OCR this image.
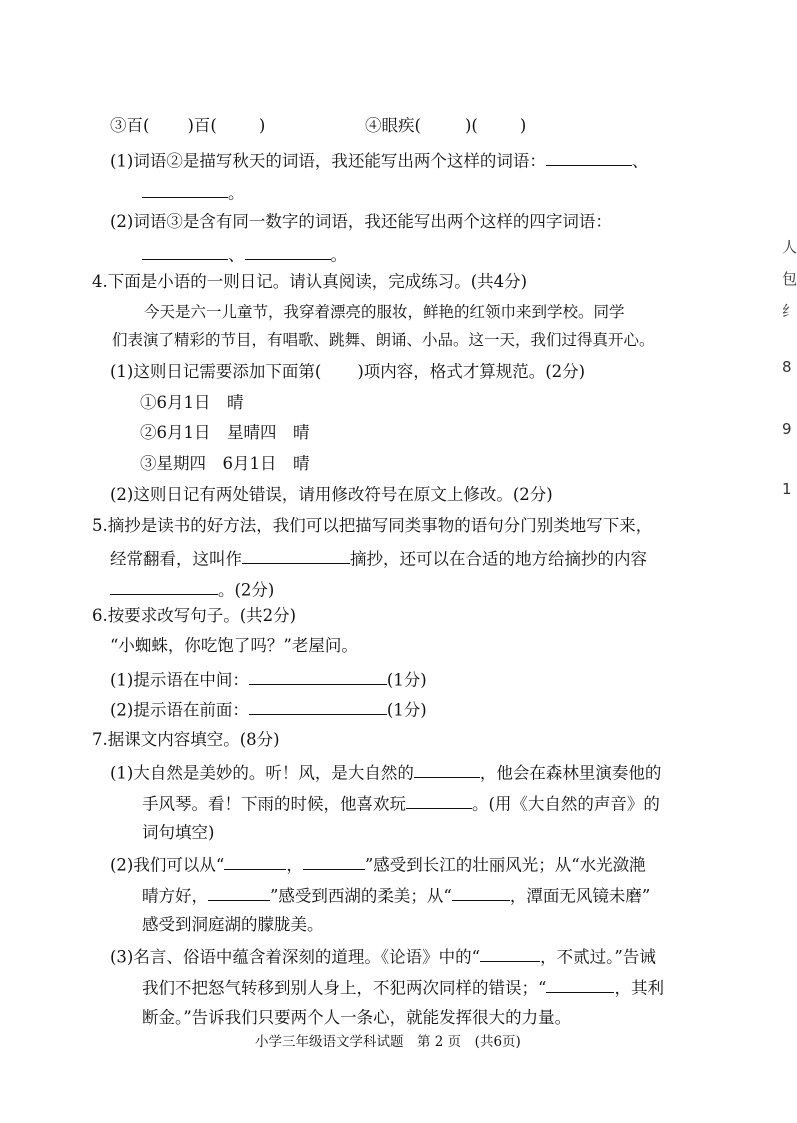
③百( )百(	)	④眼疾(	)(	)

(1)词语②是描写秋天的词语，我还能写出两个这样的词语：	、

。

(2)词语③是含有同一数字的词语，我还能写出两个这样的四字词语：

、	。

4.下面是小语的一则日记。请认真阅读，完成练习。(共4分)

今天是六一儿童节，我穿着漂亮的服妆，鲜艳的红领巾来到学校。同学

们表演了精彩的节目，有唱歌、跳舞、朗诵、小品。这一天，我们过得真开心。

(1)这则日记需要添加下面第( )项内容，格式才算规范。(2分)

①6月1日　晴

②6月1日　星晴四　晴

③星期四　6月1日　晴

(2)这则日记有两处错误，请用修改符号在原文上修改。(2分)

5.摘抄是读书的好方法，我们可以把描写同类事物的语句分门别类地写下来，

经常翻看，这叫作	摘抄，还可以在合适的地方给摘抄的内容

。(2分)

6.按要求改写句子。(共2分)

“小蜘蛛，你吃饱了吗？”老屋问。

(1)提示语在中间：	(1分)

(2)提示语在前面：	(1分)

7.据课文内容填空。(8分)

(1)大自然是美妙的。听！风，是大自然的	，他会在森林里演奏他的

手风琴。看！下雨的时候，他喜欢玩	。(用《大自然的声音》的

词句填空)

(2)我们可以从“	，	”感受到长江的壮丽风光；从“水光潋滟

晴方好，	”感受到西湖的柔美；从“	，潭面无风镜未磨”

感受到洞庭湖的朦胧美。

(3)名言、俗语中蕴含着深刻的道理。《论语》中的“	，不贰过。”告诫

我们不把怒气转移到别人身上，不犯两次同样的错误；“	，其利

断金。”告诉我们只要两个人一条心，就能发挥很大的力量。

小学三年级语文学科试题　第 2 页　(共6页)

人
包
纟
8
9
1
